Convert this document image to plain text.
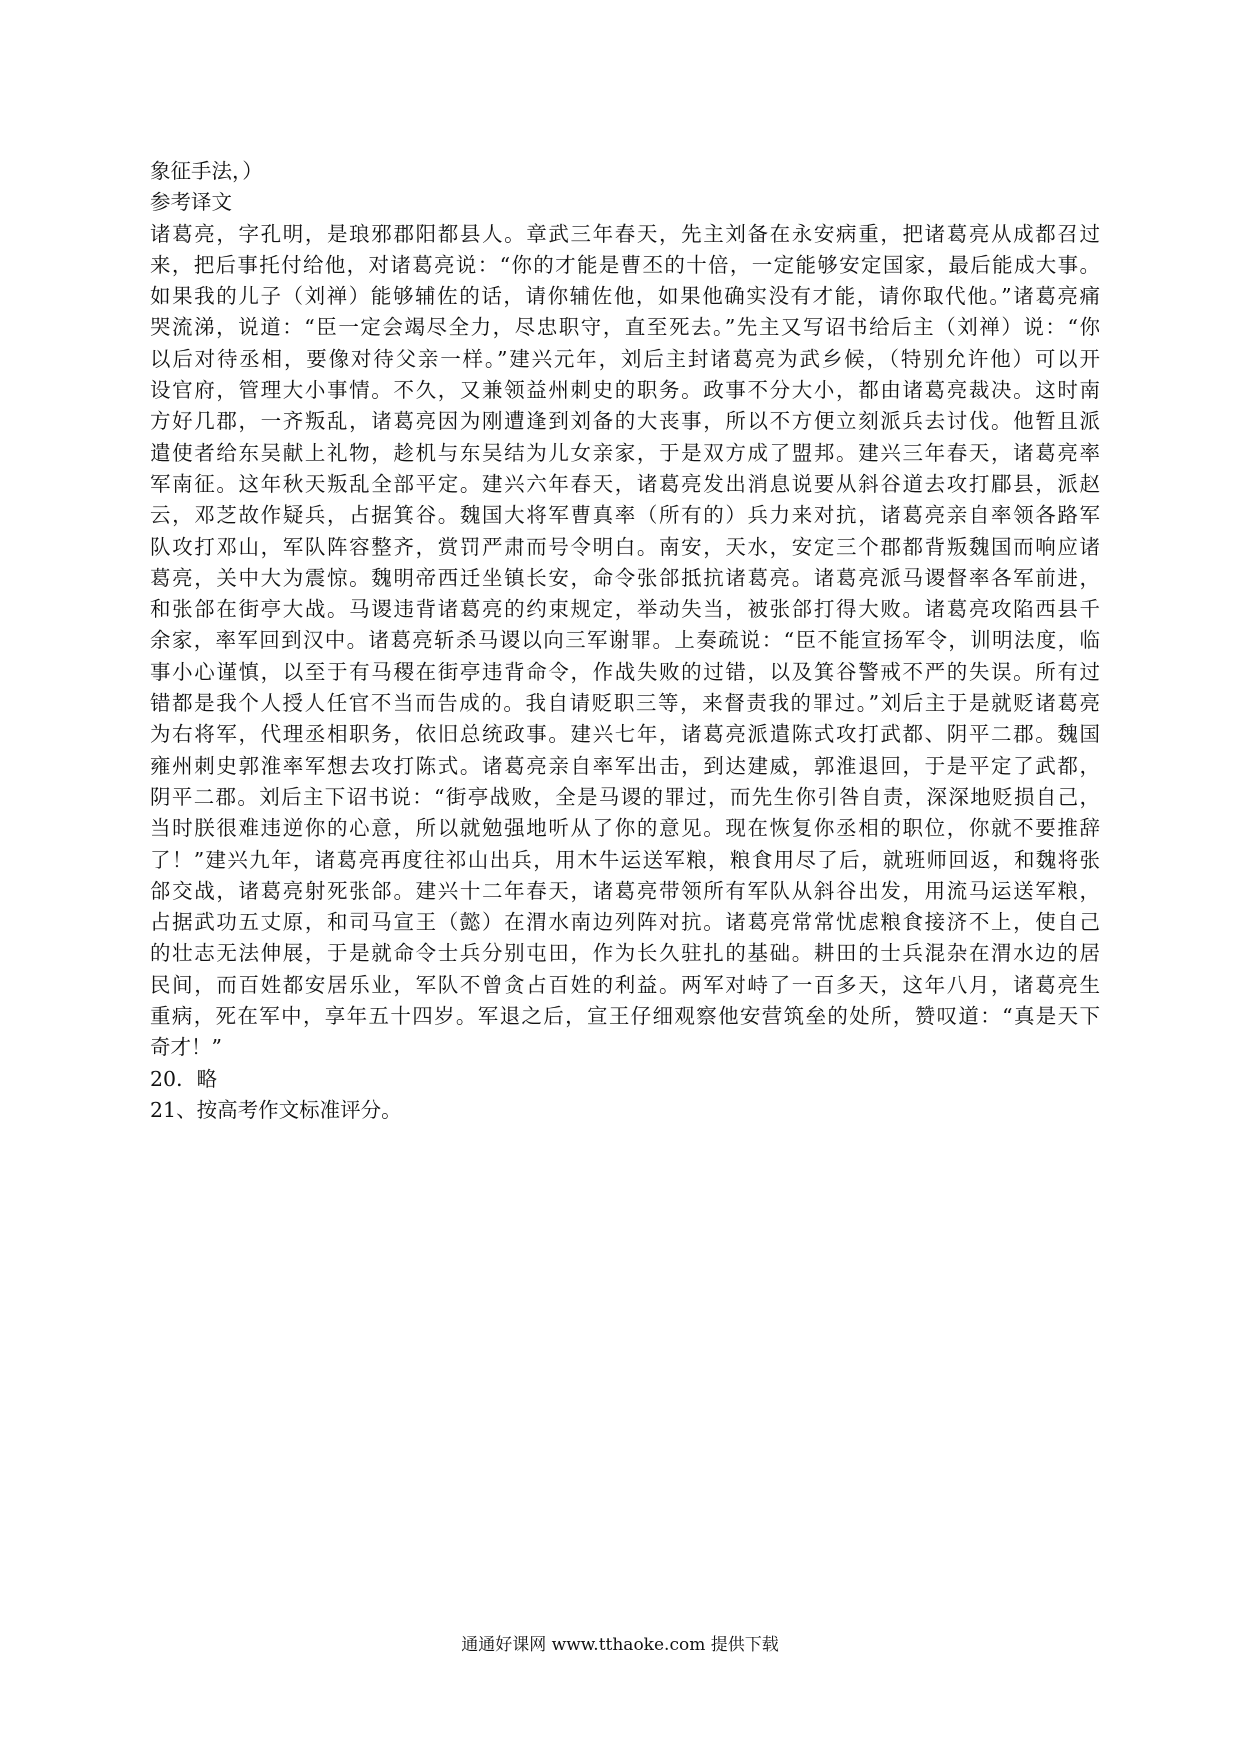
象征手法，）
参考译文
诸葛亮，字孔明，是琅邪郡阳都县人。章武三年春天，先主刘备在永安病重，把诸葛亮从成都召过
来，把后事托付给他，对诸葛亮说：“你的才能是曹丕的十倍，一定能够安定国家，最后能成大事。
如果我的儿子（刘禅）能够辅佐的话，请你辅佐他，如果他确实没有才能，请你取代他。”诸葛亮痛
哭流涕，说道：“臣一定会竭尽全力，尽忠职守，直至死去。”先主又写诏书给后主（刘禅）说：“你
以后对待丞相，要像对待父亲一样。”建兴元年，刘后主封诸葛亮为武乡候，（特别允许他）可以开
设官府，管理大小事情。不久，又兼领益州刺史的职务。政事不分大小，都由诸葛亮裁决。这时南
方好几郡，一齐叛乱，诸葛亮因为刚遭逢到刘备的大丧事，所以不方便立刻派兵去讨伐。他暂且派
遣使者给东吴献上礼物，趁机与东吴结为儿女亲家，于是双方成了盟邦。建兴三年春天，诸葛亮率
军南征。这年秋天叛乱全部平定。建兴六年春天，诸葛亮发出消息说要从斜谷道去攻打郿县，派赵
云，邓芝故作疑兵，占据箕谷。魏国大将军曹真率（所有的）兵力来对抗，诸葛亮亲自率领各路军
队攻打邓山，军队阵容整齐，赏罚严肃而号令明白。南安，天水，安定三个郡都背叛魏国而响应诸
葛亮，关中大为震惊。魏明帝西迁坐镇长安，命令张郃抵抗诸葛亮。诸葛亮派马谡督率各军前进，
和张郃在街亭大战。马谡违背诸葛亮的约束规定，举动失当，被张郃打得大败。诸葛亮攻陷西县千
余家，率军回到汉中。诸葛亮斩杀马谡以向三军谢罪。上奏疏说：“臣不能宣扬军令，训明法度，临
事小心谨慎，以至于有马稷在街亭违背命令，作战失败的过错，以及箕谷警戒不严的失误。所有过
错都是我个人授人任官不当而告成的。我自请贬职三等，来督责我的罪过。”刘后主于是就贬诸葛亮
为右将军，代理丞相职务，依旧总统政事。建兴七年，诸葛亮派遣陈式攻打武都、阴平二郡。魏国
雍州刺史郭淮率军想去攻打陈式。诸葛亮亲自率军出击，到达建威，郭淮退回，于是平定了武都，
阴平二郡。刘后主下诏书说：“街亭战败，全是马谡的罪过，而先生你引咎自责，深深地贬损自己，
当时朕很难违逆你的心意，所以就勉强地听从了你的意见。现在恢复你丞相的职位，你就不要推辞
了！”建兴九年，诸葛亮再度往祁山出兵，用木牛运送军粮，粮食用尽了后，就班师回返，和魏将张
郃交战，诸葛亮射死张郃。建兴十二年春天，诸葛亮带领所有军队从斜谷出发，用流马运送军粮，
占据武功五丈原，和司马宣王（懿）在渭水南边列阵对抗。诸葛亮常常忧虑粮食接济不上，使自己
的壮志无法伸展，于是就命令士兵分别屯田，作为长久驻扎的基础。耕田的士兵混杂在渭水边的居
民间，而百姓都安居乐业，军队不曾贪占百姓的利益。两军对峙了一百多天，这年八月，诸葛亮生
重病，死在军中，享年五十四岁。军退之后，宣王仔细观察他安营筑垒的处所，赞叹道：“真是天下
奇才！”
20．略
21、按高考作文标准评分。
通通好课网 www.tthaoke.com 提供下载
